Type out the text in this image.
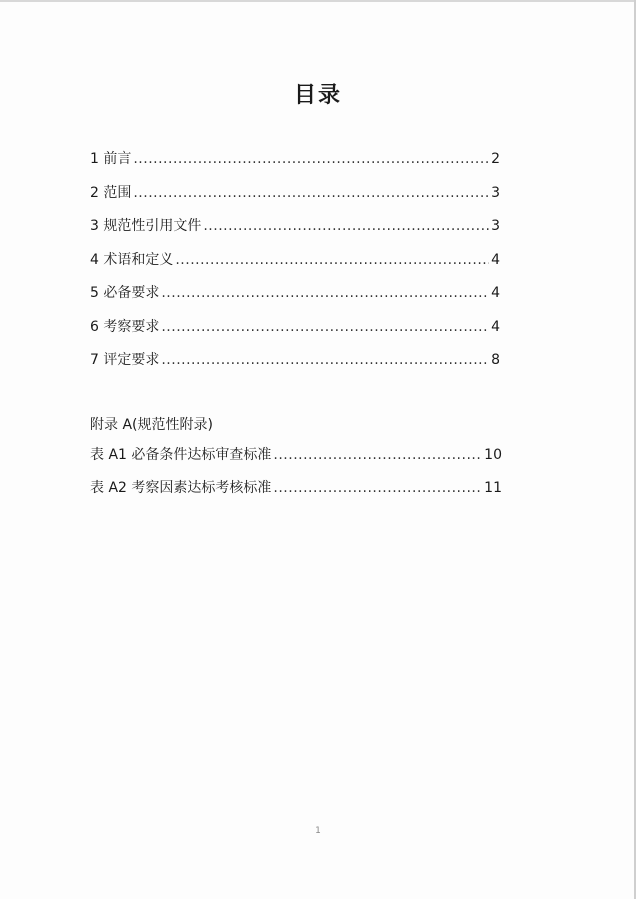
目录
1 前言 .....	2
2 范围 .....	3
3 规范性引用文件 .....	3
4 术语和定义 .....	4
5 必备要求 .....	4
6 考察要求 .....	4
7 评定要求 .....	8
附录 A(规范性附录)
表 A1 必备条件达标审查标准 .....	10
表 A2 考察因素达标考核标准 .....	11
1
